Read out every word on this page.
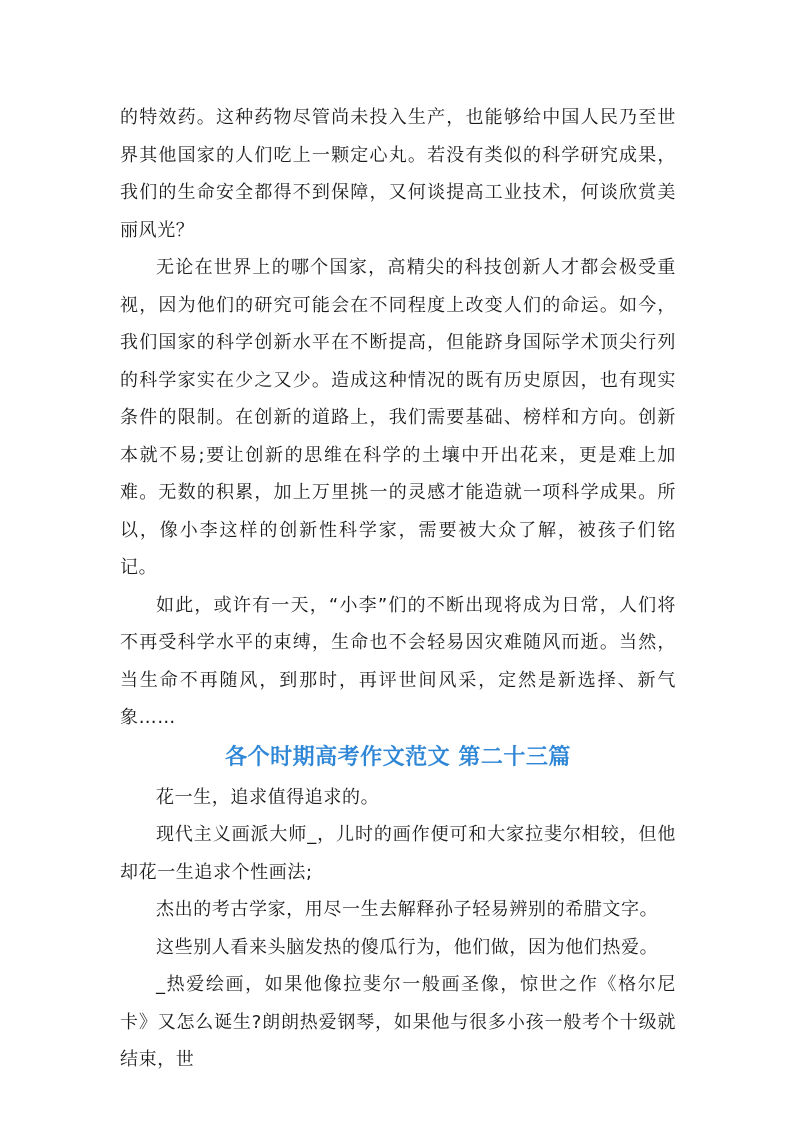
的特效药。这种药物尽管尚未投入生产，也能够给中国人民乃至世界其他国家的人们吃上一颗定心丸。若没有类似的科学研究成果，我们的生命安全都得不到保障，又何谈提高工业技术，何谈欣赏美丽风光？

无论在世界上的哪个国家，高精尖的科技创新人才都会极受重视，因为他们的研究可能会在不同程度上改变人们的命运。如今，我们国家的科学创新水平在不断提高，但能跻身国际学术顶尖行列的科学家实在少之又少。造成这种情况的既有历史原因，也有现实条件的限制。在创新的道路上，我们需要基础、榜样和方向。创新本就不易;要让创新的思维在科学的土壤中开出花来，更是难上加难。无数的积累，加上万里挑一的灵感才能造就一项科学成果。所以，像小李这样的创新性科学家，需要被大众了解，被孩子们铭记。

如此，或许有一天，“小李”们的不断出现将成为日常，人们将不再受科学水平的束缚，生命也不会轻易因灾难随风而逝。当然，当生命不再随风，到那时，再评世间风采，定然是新选择、新气象……

各个时期高考作文范文 第二十三篇

花一生，追求值得追求的。

现代主义画派大师_，儿时的画作便可和大家拉斐尔相较，但他却花一生追求个性画法;

杰出的考古学家，用尽一生去解释孙子轻易辨别的希腊文字。

这些别人看来头脑发热的傻瓜行为，他们做，因为他们热爱。

_热爱绘画，如果他像拉斐尔一般画圣像，惊世之作《格尔尼卡》又怎么诞生?朗朗热爱钢琴，如果他与很多小孩一般考个十级就结束，世
